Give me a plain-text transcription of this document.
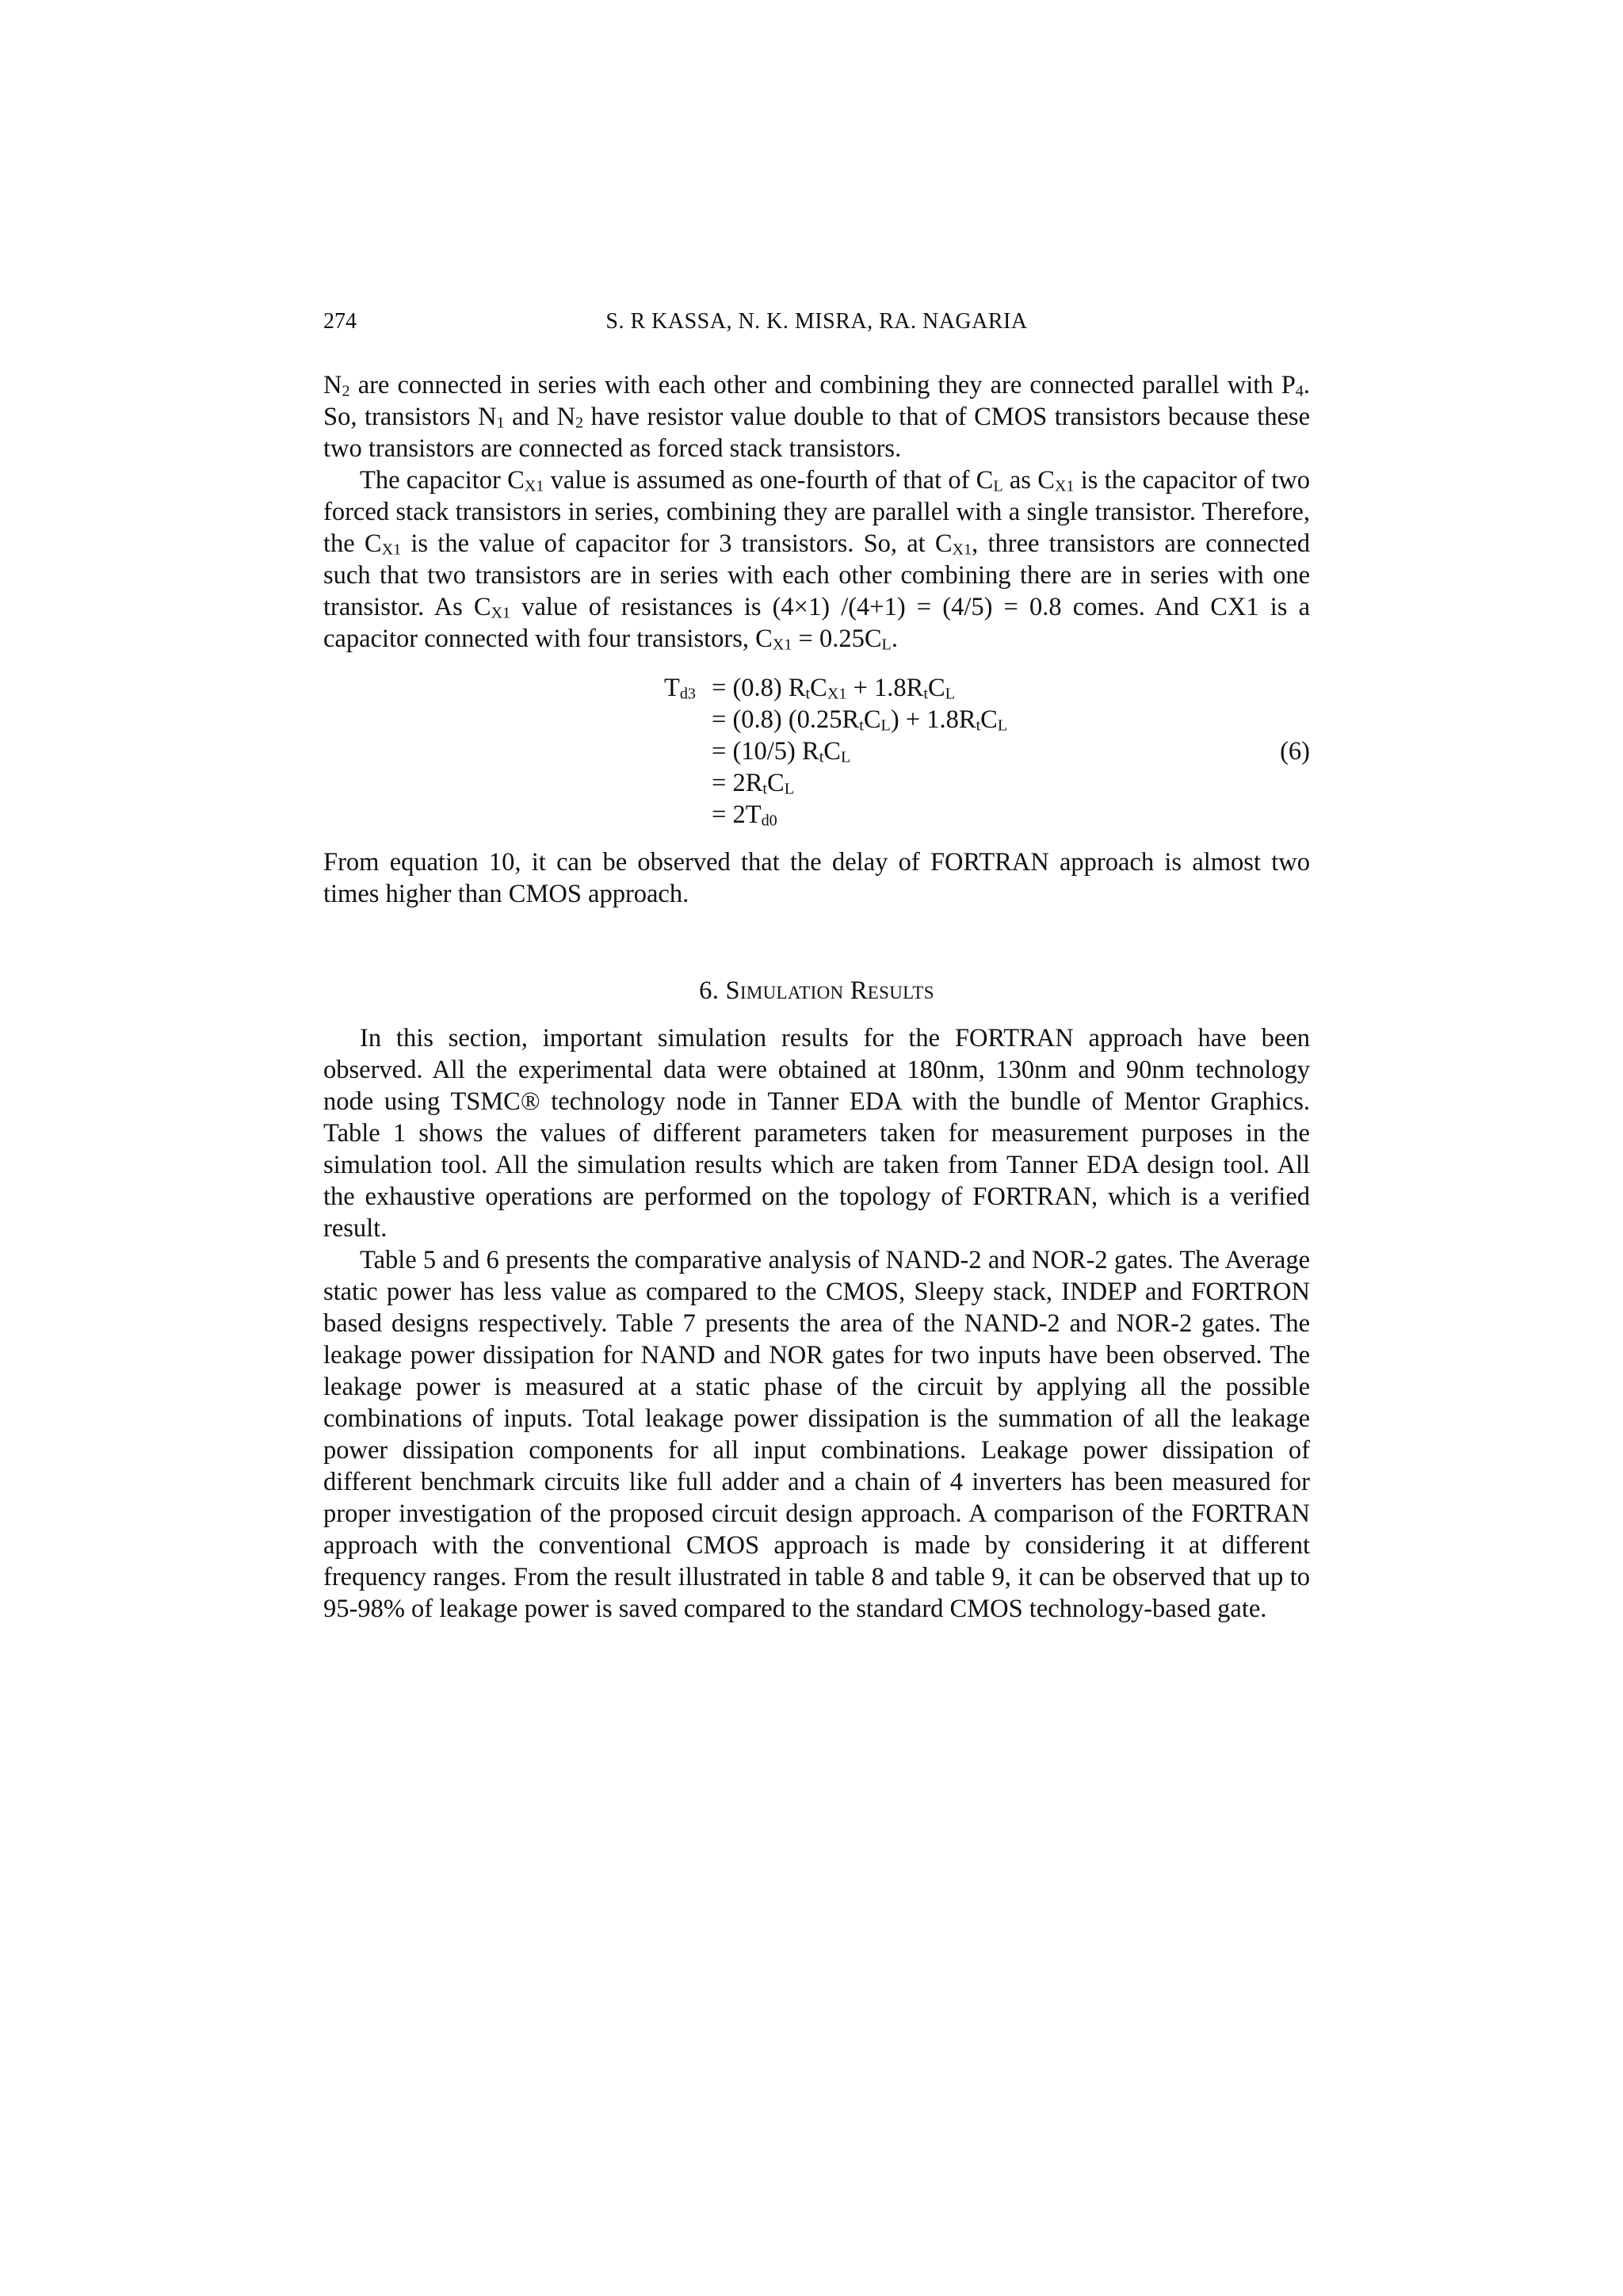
274	S. R KASSA, N. K. MISRA, RA. NAGARIA

$N_2$ are connected in series with each other and combining they are connected parallel with $P_4$. So, transistors $N_1$ and $N_2$ have resistor value double to that of CMOS transistors because these two transistors are connected as forced stack transistors.

The capacitor $C_{X1}$ value is assumed as one-fourth of that of $C_L$ as $C_{X1}$ is the capacitor of two forced stack transistors in series, combining they are parallel with a single transistor. Therefore, the $C_{X1}$ is the value of capacitor for 3 transistors. So, at $C_{X1}$, three transistors are connected such that two transistors are in series with each other combining there are in series with one transistor. As $C_{X1}$ value of resistances is (4×1) /(4+1) = (4/5) = 0.8 comes. And CX1 is a capacitor connected with four transistors, $C_{X1} = 0.25C_L$.

$T_{d3} = (0.8) R_tC_{X1} + 1.8R_tC_L$
= (0.8) $(0.25R_tC_L) + 1.8R_tC_L$
= (10/5) $R_tC_L$	(6)
= $2R_tC_L$
= $2T_{d0}$

From equation 10, it can be observed that the delay of FORTRAN approach is almost two times higher than CMOS approach.

6. Simulation Results

In this section, important simulation results for the FORTRAN approach have been observed. All the experimental data were obtained at 180nm, 130nm and 90nm technology node using TSMC® technology node in Tanner EDA with the bundle of Mentor Graphics. Table 1 shows the values of different parameters taken for measurement purposes in the simulation tool. All the simulation results which are taken from Tanner EDA design tool. All the exhaustive operations are performed on the topology of FORTRAN, which is a verified result.

Table 5 and 6 presents the comparative analysis of NAND-2 and NOR-2 gates. The Average static power has less value as compared to the CMOS, Sleepy stack, INDEP and FORTRON based designs respectively. Table 7 presents the area of the NAND-2 and NOR-2 gates. The leakage power dissipation for NAND and NOR gates for two inputs have been observed. The leakage power is measured at a static phase of the circuit by applying all the possible combinations of inputs. Total leakage power dissipation is the summation of all the leakage power dissipation components for all input combinations. Leakage power dissipation of different benchmark circuits like full adder and a chain of 4 inverters has been measured for proper investigation of the proposed circuit design approach. A comparison of the FORTRAN approach with the conventional CMOS approach is made by considering it at different frequency ranges. From the result illustrated in table 8 and table 9, it can be observed that up to 95-98% of leakage power is saved compared to the standard CMOS technology-based gate.
